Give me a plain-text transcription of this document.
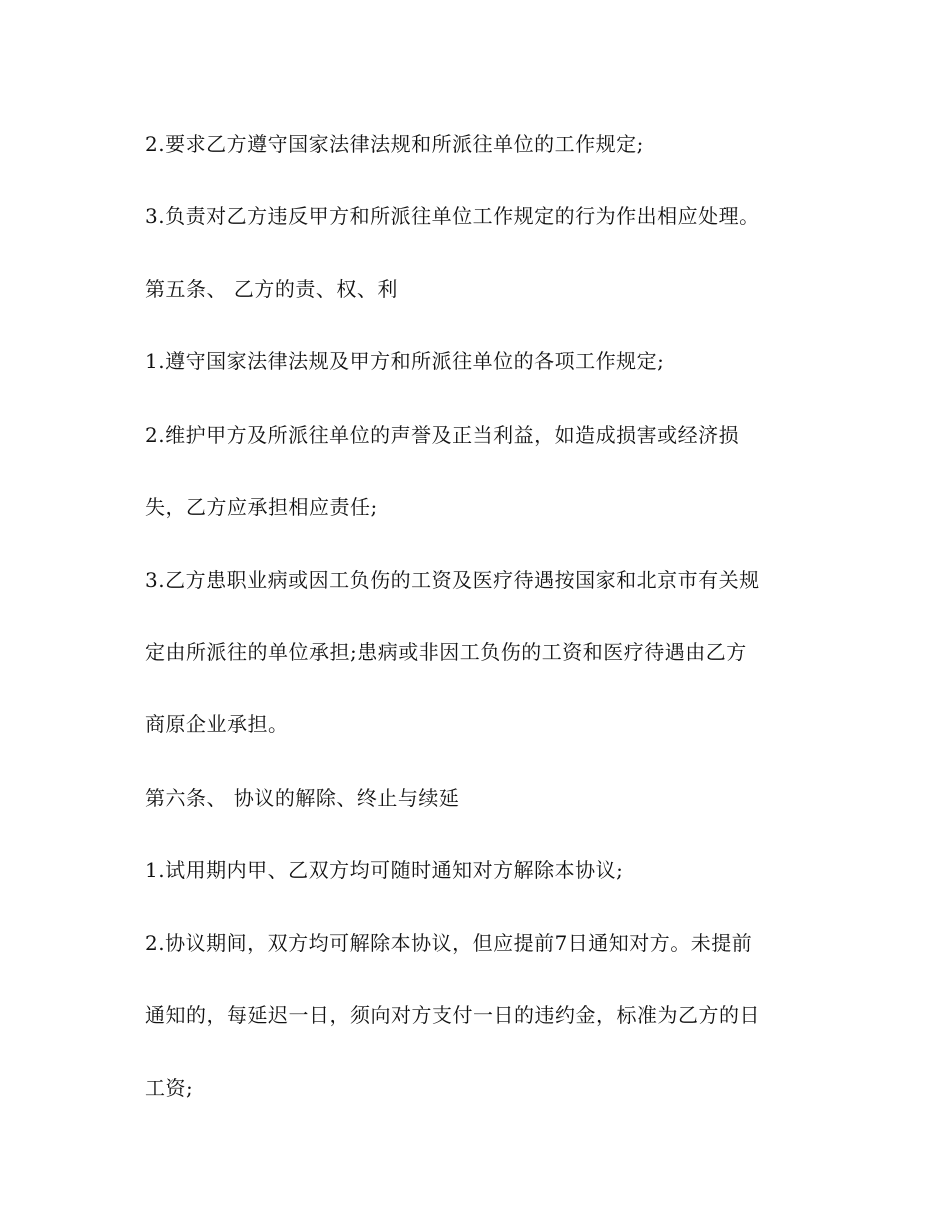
2.要求乙方遵守国家法律法规和所派往单位的工作规定;
3.负责对乙方违反甲方和所派往单位工作规定的行为作出相应处理。
第五条、 乙方的责、权、利
1.遵守国家法律法规及甲方和所派往单位的各项工作规定;
2.维护甲方及所派往单位的声誉及正当利益，如造成损害或经济损
失，乙方应承担相应责任;
3.乙方患职业病或因工负伤的工资及医疗待遇按国家和北京市有关规
定由所派往的单位承担;患病或非因工负伤的工资和医疗待遇由乙方
商原企业承担。
第六条、 协议的解除、终止与续延
1.试用期内甲、乙双方均可随时通知对方解除本协议;
2.协议期间，双方均可解除本协议，但应提前7日通知对方。未提前
通知的，每延迟一日，须向对方支付一日的违约金，标准为乙方的日
工资;
